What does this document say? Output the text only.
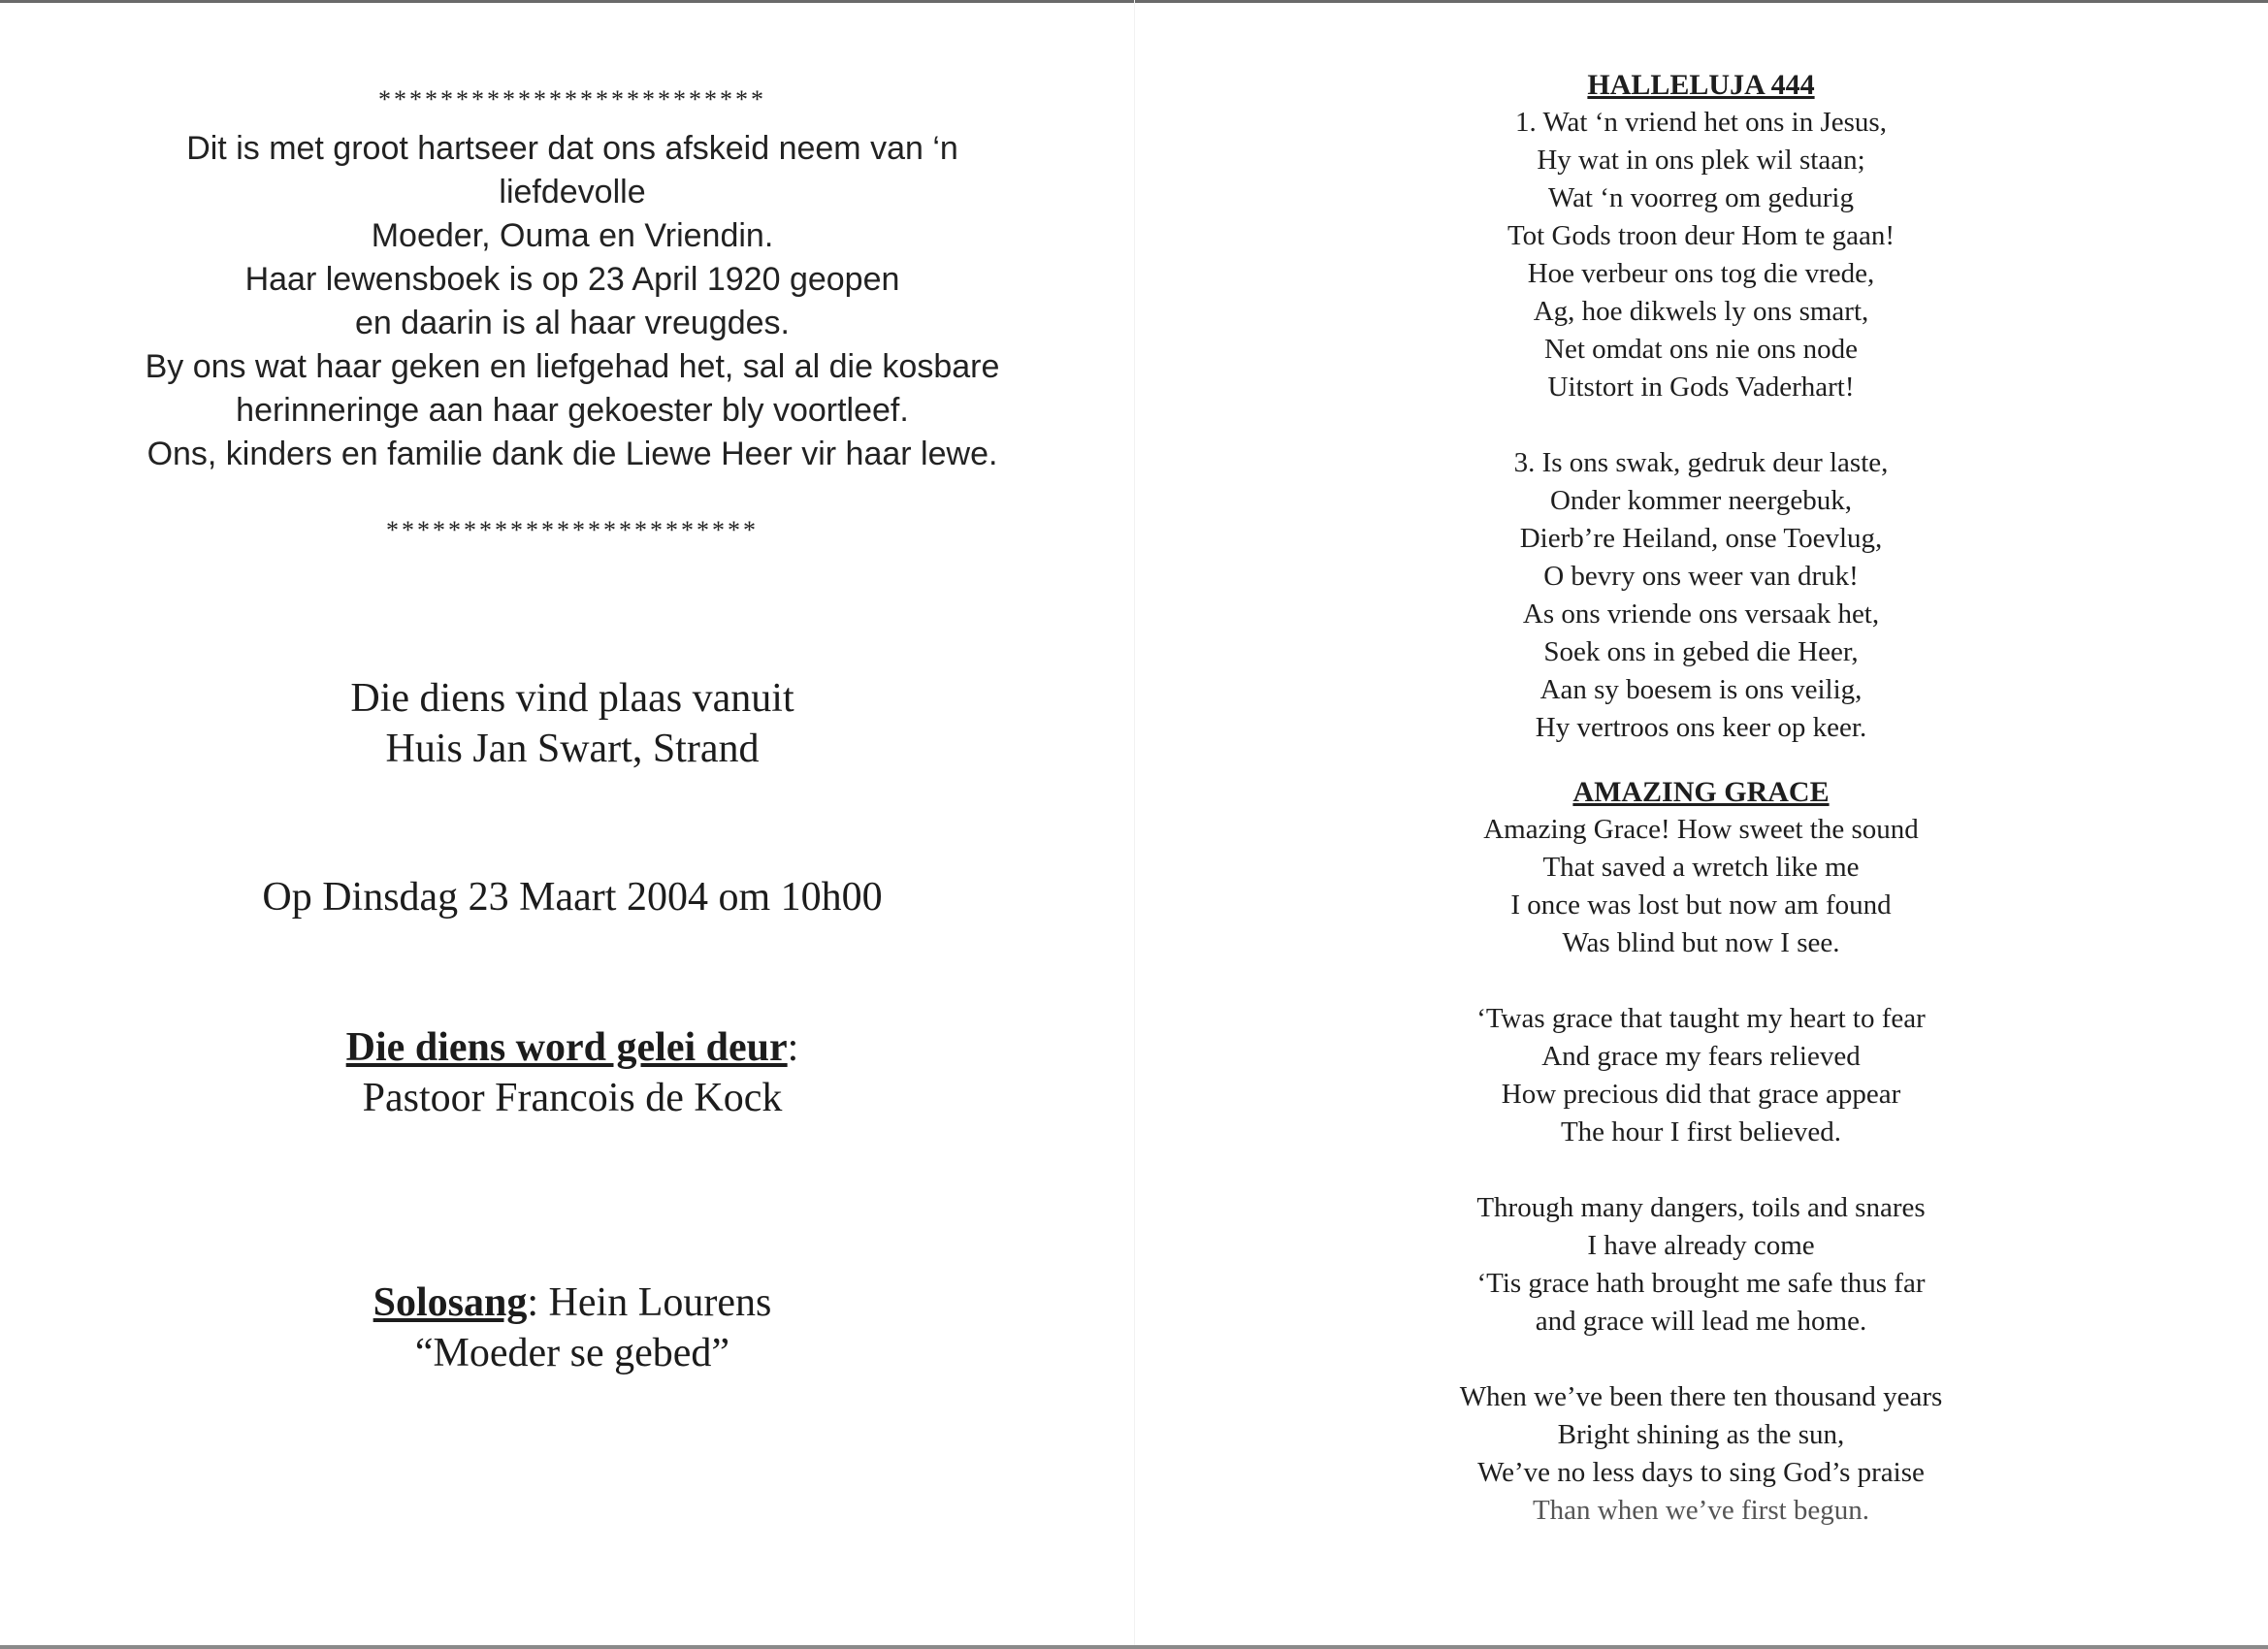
*************************
Dit is met groot hartseer dat ons afskeid neem van ‘n
liefdevolle
Moeder, Ouma en Vriendin.
Haar lewensboek is op 23 April 1920 geopen
en daarin is al haar vreugdes.
By ons wat haar geken en liefgehad het, sal al die kosbare
herinneringe aan haar gekoester bly voortleef.
Ons, kinders en familie dank die Liewe Heer vir haar lewe.
************************
Die diens vind plaas vanuit
Huis Jan Swart, Strand
Op Dinsdag 23 Maart 2004 om 10h00
Die diens word gelei deur:
Pastoor Francois de Kock
Solosang: Hein Lourens
“Moeder se gebed”
HALLELUJA 444
1. Wat ‘n vriend het ons in Jesus,
Hy wat in ons plek wil staan;
Wat ‘n voorreg om gedurig
Tot Gods troon deur Hom te gaan!
Hoe verbeur ons tog die vrede,
Ag, hoe dikwels ly ons smart,
Net omdat ons nie ons node
Uitstort in Gods Vaderhart!
3. Is ons swak, gedruk deur laste,
Onder kommer neergebuk,
Dierb’re Heiland, onse Toevlug,
O bevry ons weer van druk!
As ons vriende ons versaak het,
Soek ons in gebed die Heer,
Aan sy boesem is ons veilig,
Hy vertroos ons keer op keer.
AMAZING GRACE
Amazing Grace! How sweet the sound
That saved a wretch like me
I once was lost but now am found
Was blind but now I see.
‘Twas grace that taught my heart to fear
And grace my fears relieved
How precious did that grace appear
The hour I first believed.
Through many dangers, toils and snares
I have already come
‘Tis grace hath brought me safe thus far
and grace will lead me home.
When we’ve been there ten thousand years
Bright shining as the sun,
We’ve no less days to sing God’s praise
Than when we’ve first begun.
